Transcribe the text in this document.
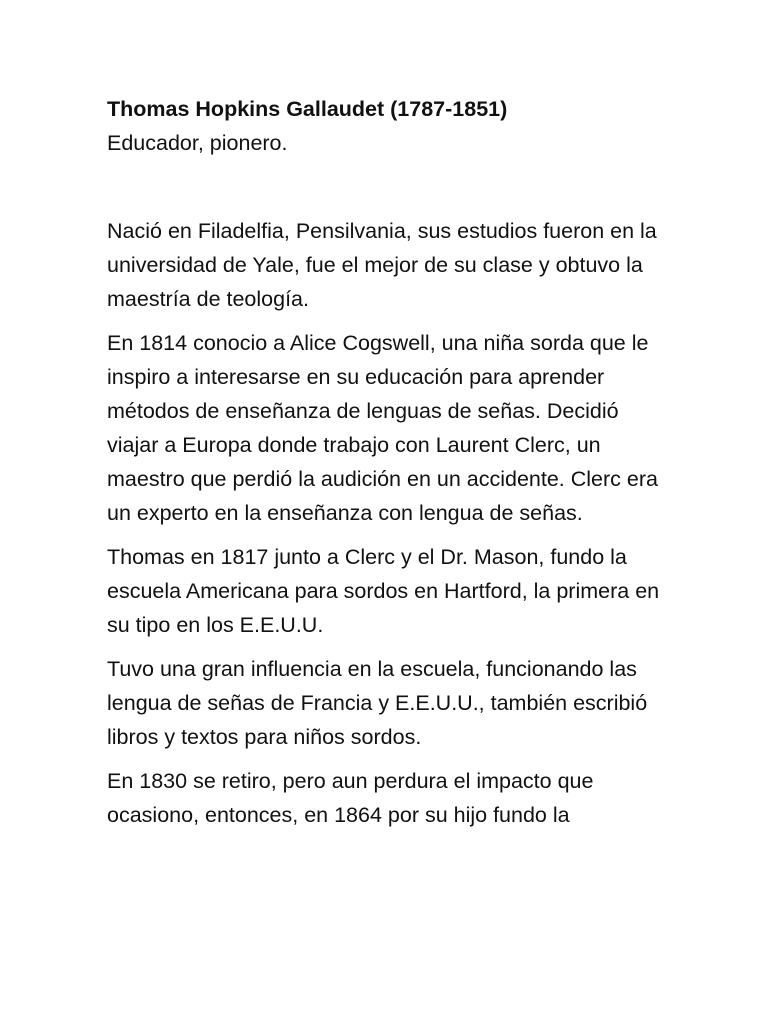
Thomas Hopkins Gallaudet (1787-1851)

Educador, pionero.

Nació en Filadelfia, Pensilvania, sus estudios fueron en la universidad de Yale, fue el mejor de su clase y obtuvo la maestría de teología.

En 1814 conocio a Alice Cogswell, una niña sorda que le inspiro a interesarse en su educación para aprender métodos de enseñanza de lenguas de señas. Decidió viajar a Europa donde trabajo con Laurent Clerc, un maestro que perdió la audición en un accidente. Clerc era un experto en la enseñanza con lengua de señas.

Thomas en 1817 junto a Clerc y el Dr. Mason, fundo la escuela Americana para sordos en Hartford, la primera en su tipo en los E.E.U.U.

Tuvo una gran influencia en la escuela, funcionando las lengua de señas de Francia y E.E.U.U., también escribió libros y textos para niños sordos.

En 1830 se retiro, pero aun perdura el impacto que ocasiono, entonces, en 1864 por su hijo fundo la
